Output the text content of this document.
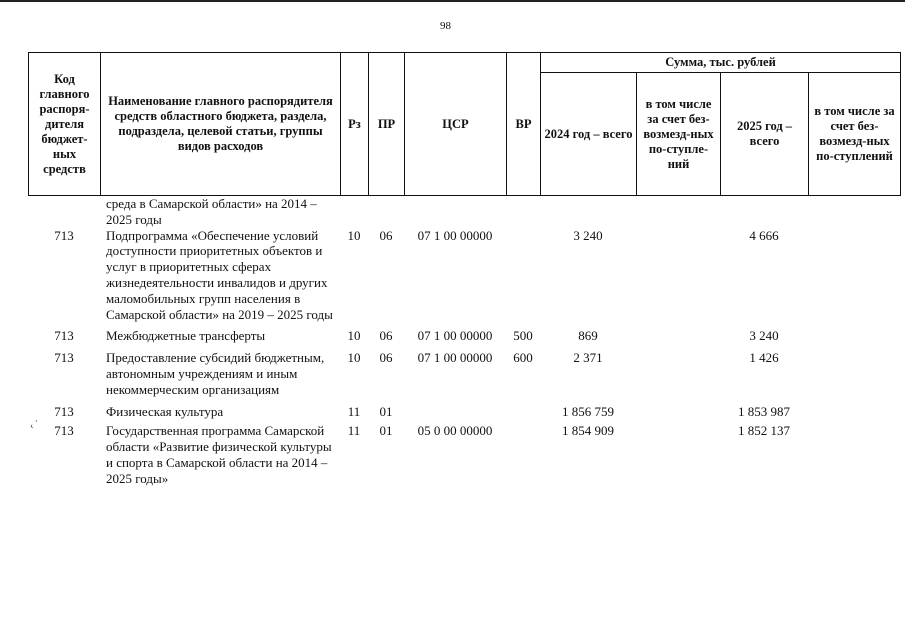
98
Код главного распоря-дителя бюджет-ных средств	Наименование главного распорядителя средств областного бюджета, раздела, подраздела, целевой статьи, группы видов расходов	Рз	ПР	ЦСР	ВР	Сумма, тыс. рублей			
						2024 год – всего	в том числе за счет без-возмезд-ных по-ступле-ний	2025 год – всего	в том числе за счет без-возмезд-ных по-ступлений
	среда в Самарской области» на 2014 – 2025 годы								
713	Подпрограмма «Обеспечение условий доступности приоритетных объектов и услуг в приоритетных сферах жизнедеятельности инвалидов и других маломобильных групп населения в Самарской области» на 2019 – 2025 годы	10	06	07 1 00 00000		3 240		4 666	
713	Межбюджетные трансферты	10	06	07 1 00 00000	500	869		3 240	
713	Предоставление субсидий бюджетным, автономным учреждениям и иным некоммерческим организациям	10	06	07 1 00 00000	600	2 371		1 426	
713	Физическая культура	11	01			1 856 759		1 853 987	
713	Государственная программа Самарской области «Развитие физической культуры и спорта в Самарской области на 2014 – 2025 годы»	11	01	05 0 00 00000		1 854 909		1 852 137	
‹ ˊ
